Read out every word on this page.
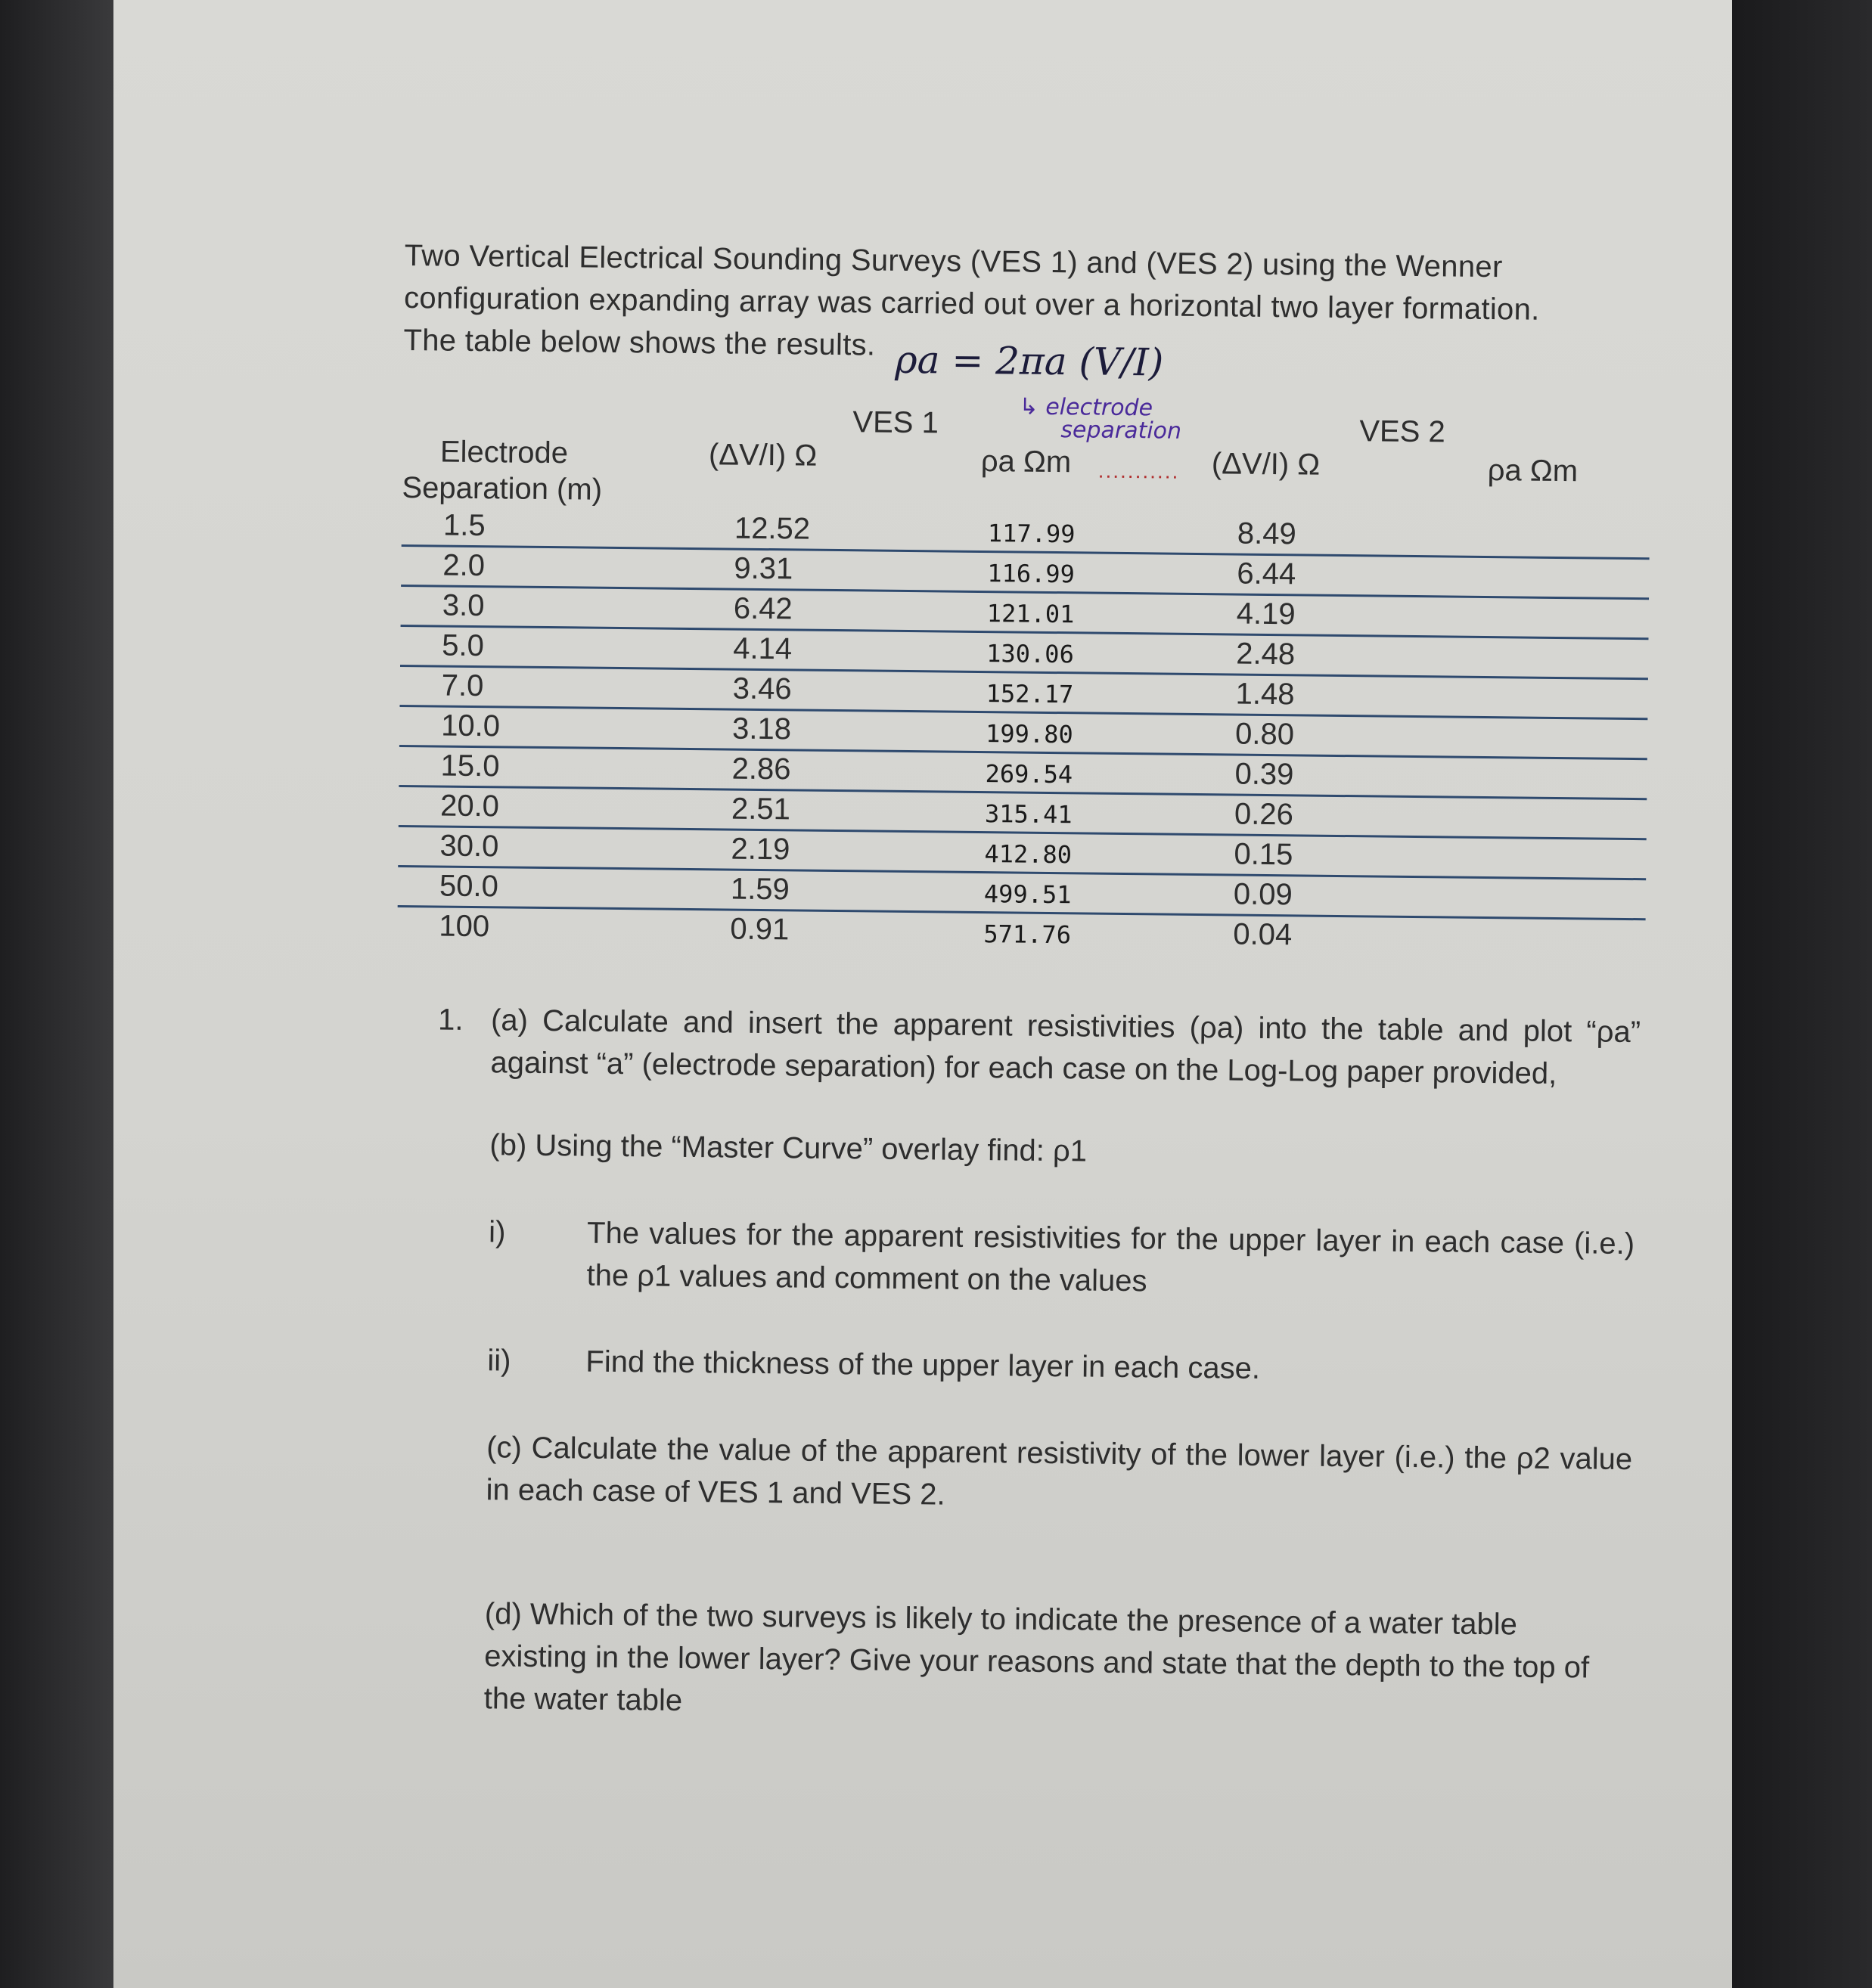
Two Vertical Electrical Sounding Surveys (VES 1) and (VES 2) using the Wenner
configuration expanding array was carried out over a horizontal two layer formation.
The table below shows the results. ρa = 2πa (V/I)
↳ electrode
separation
...........
VES 1	VES 2
Electrode
Separation (m)
(ΔV/I) Ω	ρa Ωm	(ΔV/I) Ω	ρa Ωm
1.5	12.52	117.99	8.49
2.0	9.31	116.99	6.44
3.0	6.42	121.01	4.19
5.0	4.14	130.06	2.48
7.0	3.46	152.17	1.48
10.0	3.18	199.80	0.80
15.0	2.86	269.54	0.39
20.0	2.51	315.41	0.26
30.0	2.19	412.80	0.15
50.0	1.59	499.51	0.09
100	0.91	571.76	0.04
1. (a) Calculate and insert the apparent resistivities (ρa) into the table and plot “ρa” against “a” (electrode separation) for each case on the Log-Log paper provided,
(b) Using the “Master Curve” overlay find: ρ1
i)	The values for the apparent resistivities for the upper layer in each case (i.e.) the ρ1 values and comment on the values
ii) Find the thickness of the upper layer in each case.
(c) Calculate the value of the apparent resistivity of the lower layer (i.e.) the ρ2 value in each case of VES 1 and VES 2.
(d) Which of the two surveys is likely to indicate the presence of a water table existing in the lower layer? Give your reasons and state that the depth to the top of the water table
